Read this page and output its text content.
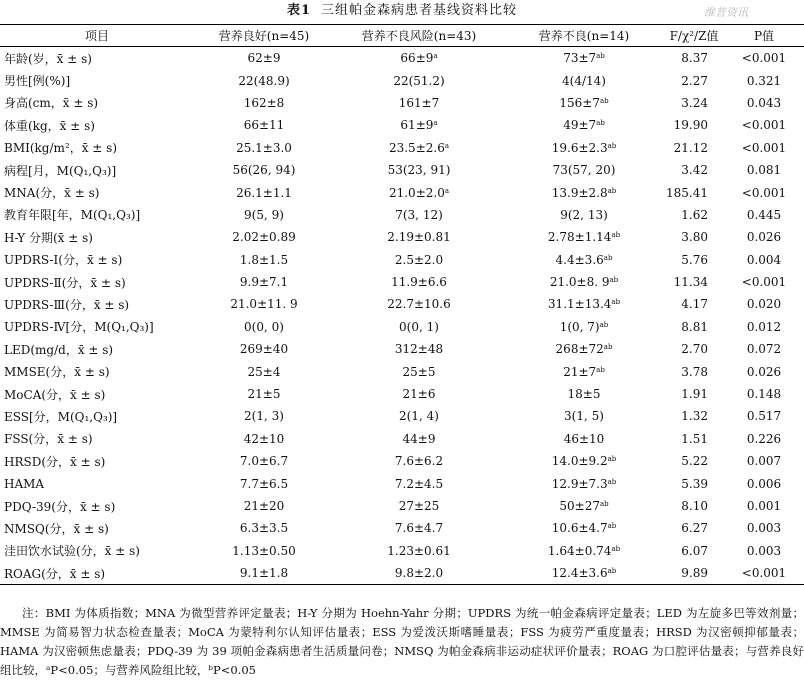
表1 三组帕金森病患者基线资料比较	维普资讯
项目	营养良好(n=45)	营养不良风险(n=43)	营养不良(n=14)	F/χ²/Z值	P值
年龄(岁，x̄ ± s)	62±9	$66\pm 9^a$	$73\pm 7^{ab}$	8.37	<0.001
男性[例(%)]	22(48.9)	22(51.2)	4(4/14)	2.27	0.321
身高(cm，x̄ ± s)	162±8	161±7	$156\pm 7^{ab}$	3.24	0.043
体重(kg，x̄ ± s)	66±11	$61\pm 9^a$	$49\pm 7^{ab}$	19.90	<0.001
BMI(kg/m²，x̄ ± s)	25.1±3.0	23.5±2.6$^a$	19.6±2.3$^{ab}$	21.12	<0.001
病程[月，M(Q₁,Q₃)]	56(26, 94)	53(23, 91)	73(57, 20)	3.42	0.081
MNA(分，x̄ ± s)	26.1±1.1	21.0±2.0$^a$	13.9±2.8$^{ab}$	185.41	<0.001
教育年限[年，M(Q₁,Q₃)]	9(5, 9)	7(3, 12)	9(2, 13)	1.62	0.445
H-Y 分期(x̄ ± s)	2.02±0.89	2.19±0.81	2.78±1.14$^{ab}$	3.80	0.026
UPDRS-Ⅰ(分，x̄ ± s)	1.8±1.5	2.5±2.0	4.4±3.6$^{ab}$	5.76	0.004
UPDRS-Ⅱ(分，x̄ ± s)	9.9±7.1	11.9±6.6	21.0±8. $9^{ab}$	11.34	<0.001
UPDRS-Ⅲ(分，x̄ ± s)	21.0±11. 9	22.7±10.6	31.1±13.4$^{ab}$	4.17	0.020
UPDRS-Ⅳ[分，M(Q₁,Q₃)]	0(0, 0)	0(0, 1)	1(0, 7)$^{ab}$	8.81	0.012
LED(mg/d，x̄ ± s)	269±40	312±48	$268\pm 72^{ab}$	2.70	0.072
MMSE(分，x̄ ± s)	25±4	25±5	$21\pm 7^{ab}$	3.78	0.026
MoCA(分，x̄ ± s)	21±5	21±6	18±5	1.91	0.148
ESS[分，M(Q₁,Q₃)]	2(1, 3)	2(1, 4)	3(1, 5)	1.32	0.517
FSS(分，x̄ ± s)	42±10	44±9	46±10	1.51	0.226
HRSD(分，x̄ ± s)	7.0±6.7	7.6±6.2	14.0±9.2$^{ab}$	5.22	0.007
HAMA	7.7±6.5	7.2±4.5	12.9±7.3$^{ab}$	5.39	0.006
PDQ-39(分，x̄ ± s)	21±20	27±25	$50\pm 27^{ab}$	8.10	0.001
NMSQ(分，x̄ ± s)	6.3±3.5	7.6±4.7	10.6±4.7$^{ab}$	6.27	0.003
洼田饮水试验(分，x̄ ± s)	1.13±0.50	1.23±0.61	1.64±0.74$^{ab}$	6.07	0.003
ROAG(分，x̄ ± s)	9.1±1.8	9.8±2.0	12.4±3.6$^{ab}$	9.89	<0.001
注：BMI 为体质指数；MNA 为微型营养评定量表；H-Y 分期为 Hoehn-Yahr 分期；UPDRS 为统一帕金森病评定量表；LED 为左旋多巴等效剂量；MMSE 为简易智力状态检查量表；MoCA 为蒙特利尔认知评估量表；ESS 为爱泼沃斯嗜睡量表；FSS 为疲劳严重度量表；HRSD 为汉密顿抑郁量表；HAMA 为汉密顿焦虑量表；PDQ-39 为 39 项帕金森病患者生活质量问卷；NMSQ 为帕金森病非运动症状评价量表；ROAG 为口腔评估量表；与营养良好组比较，ᵃP<0.05；与营养风险组比较，ᵇP<0.05
